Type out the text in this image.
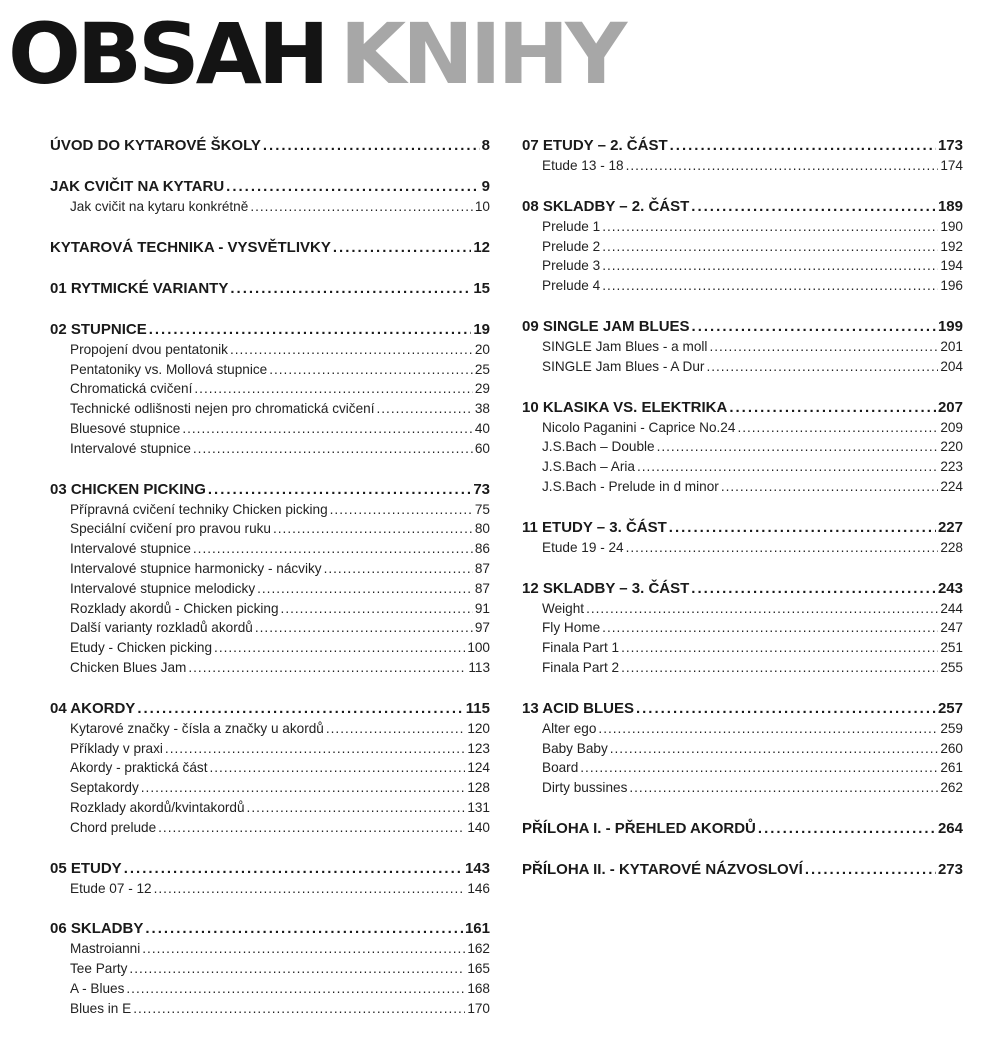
OBSAH KNIHY
ÚVOD DO KYTAROVÉ ŠKOLY .....	8
JAK CVIČIT NA KYTARU .....	9
Jak cvičit na kytaru konkrétně .....	10
KYTAROVÁ TECHNIKA - VYSVĚTLIVKY .....	12
01 RYTMICKÉ VARIANTY .....	15
02 STUPNICE .....	19
Propojení dvou pentatonik .....	20
Pentatoniky vs. Mollová stupnice .....	25
Chromatická cvičení .....	29
Technické odlišnosti nejen pro chromatická cvičení .....	38
Bluesové stupnice .....	40
Intervalové stupnice .....	60
03 CHICKEN PICKING .....	73
Přípravná cvičení techniky Chicken picking .....	75
Speciální cvičení pro pravou ruku .....	80
Intervalové stupnice .....	86
Intervalové stupnice harmonicky - nácviky .....	87
Intervalové stupnice melodicky .....	87
Rozklady akordů - Chicken picking .....	91
Další varianty rozkladů akordů .....	97
Etudy - Chicken picking .....	100
Chicken Blues Jam .....	113
04 AKORDY .....	115
Kytarové značky - čísla a značky u akordů .....	120
Příklady v praxi .....	123
Akordy - praktická část .....	124
Septakordy .....	128
Rozklady akordů/kvintakordů .....	131
Chord prelude .....	140
05 ETUDY .....	143
Etude 07 - 12 .....	146
06 SKLADBY .....	161
Mastroianni .....	162
Tee Party .....	165
A - Blues .....	168
Blues in E .....	170
07 ETUDY – 2. ČÁST .....	173
Etude 13 - 18 .....	174
08 SKLADBY – 2. ČÁST .....	189
Prelude 1 .....	190
Prelude 2 .....	192
Prelude 3 .....	194
Prelude 4 .....	196
09 SINGLE JAM BLUES .....	199
SINGLE Jam Blues - a moll .....	201
SINGLE Jam Blues - A Dur .....	204
10 KLASIKA VS. ELEKTRIKA .....	207
Nicolo Paganini - Caprice No.24 .....	209
J.S.Bach – Double .....	220
J.S.Bach – Aria .....	223
J.S.Bach - Prelude in d minor .....	224
11 ETUDY – 3. ČÁST .....	227
Etude 19 - 24 .....	228
12 SKLADBY – 3. ČÁST .....	243
Weight .....	244
Fly Home .....	247
Finala Part 1 .....	251
Finala Part 2 .....	255
13 ACID BLUES .....	257
Alter ego .....	259
Baby Baby .....	260
Board .....	261
Dirty bussines .....	262
PŘÍLOHA I. - PŘEHLED AKORDŮ .....	264
PŘÍLOHA II. - KYTAROVÉ NÁZVOSLOVÍ .....	273
